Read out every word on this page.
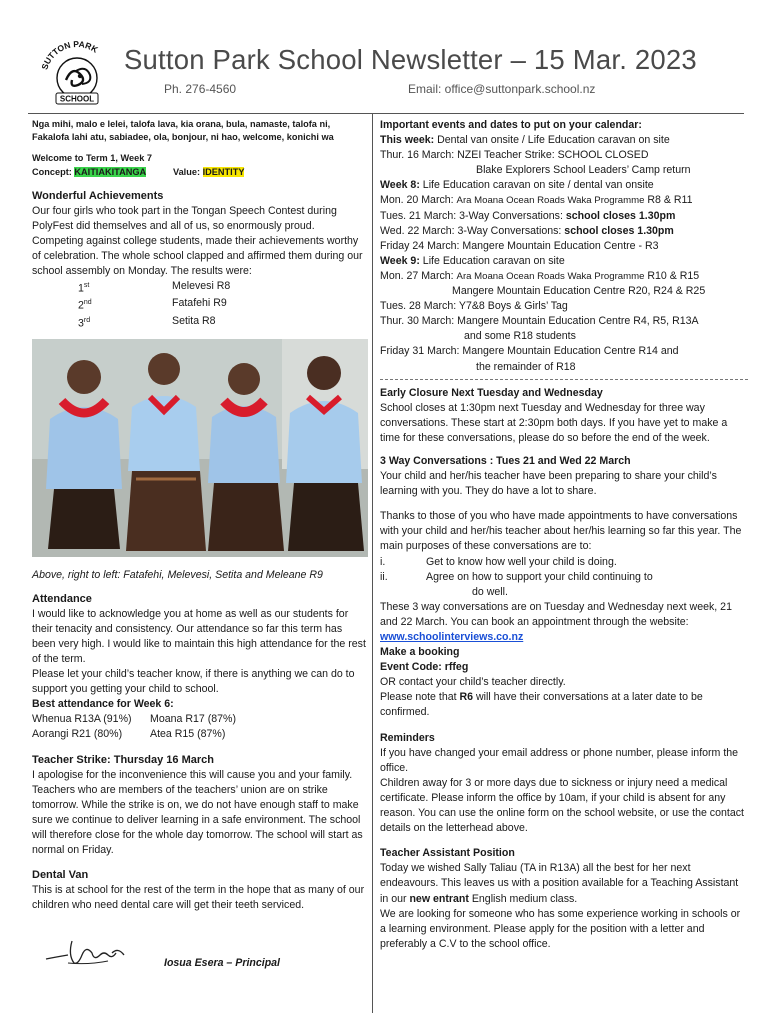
SUTTON PARK
SCHOOL
Sutton Park School Newsletter – 15 Mar. 2023
Ph. 276-4560	Email: office@suttonpark.school.nz
Nga mihi, malo e lelei, talofa lava, kia orana, bula, namaste, talofa ni, Fakalofa lahi atu, sabiadee, ola, bonjour, ni hao, welcome, konichi wa
Welcome to Term 1, Week 7
Concept: KAITIAKITANGA	Value: IDENTITY
Wonderful Achievements
Our four girls who took part in the Tongan Speech Contest during PolyFest did themselves and all of us, so enormously proud. Competing against college students, made their achievements worthy of celebration. The whole school clapped and affirmed them during our school assembly on Monday. The results were:
1st	Melevesi R8
2nd	Fatafehi R9
3rd	Setita R8
Above, right to left: Fatafehi, Melevesi, Setita and Meleane R9
Attendance
I would like to acknowledge you at home as well as our students for their tenacity and consistency. Our attendance so far this term has been very high. I would like to maintain this high attendance for the rest of the term.
Please let your child’s teacher know, if there is anything we can do to support you getting your child to school.
Best attendance for Week 6:
Whenua R13A (91%)	Moana R17 (87%)
Aorangi R21 (80%)	Atea R15 (87%)
Teacher Strike: Thursday 16 March
I apologise for the inconvenience this will cause you and your family. Teachers who are members of the teachers’ union are on strike tomorrow. While the strike is on, we do not have enough staff to make sure we continue to deliver learning in a safe environment. The school will therefore close for the whole day tomorrow. The school will start as normal on Friday.
Dental Van
This is at school for the rest of the term in the hope that as many of our children who need dental care will get their teeth serviced.
Iosua Esera – Principal
Important events and dates to put on your calendar:
This week: Dental van onsite / Life Education caravan on site
Thur. 16 March: NZEI Teacher Strike: SCHOOL CLOSED
Blake Explorers School Leaders’ Camp return
Week 8: Life Education caravan on site / dental van onsite
Mon. 20 March: Ara Moana Ocean Roads Waka Programme R8 & R11
Tues. 21 March: 3-Way Conversations: school closes 1.30pm
Wed. 22 March: 3-Way Conversations: school closes 1.30pm
Friday 24 March: Mangere Mountain Education Centre - R3
Week 9: Life Education caravan on site
Mon. 27 March: Ara Moana Ocean Roads Waka Programme R10 & R15
Mangere Mountain Education Centre R20, R24 & R25
Tues. 28 March: Y7&8 Boys & Girls’ Tag
Thur. 30 March: Mangere Mountain Education Centre R4, R5, R13A
and some R18 students
Friday 31 March: Mangere Mountain Education Centre R14 and
the remainder of R18
Early Closure Next Tuesday and Wednesday
School closes at 1:30pm next Tuesday and Wednesday for three way conversations. These start at 2:30pm both days. If you have yet to make a time for these conversations, please do so before the end of the week.
3 Way Conversations : Tues 21 and Wed 22 March
Your child and her/his teacher have been preparing to share your child’s learning with you. They do have a lot to share.
Thanks to those of you who have made appointments to have conversations with your child and her/his teacher about her/his learning so far this year. The main purposes of these conversations are to:
i.	Get to know how well your child is doing.
ii.	Agree on how to support your child continuing to
do well.
These 3 way conversations are on Tuesday and Wednesday next week, 21 and 22 March. You can book an appointment through the website:
www.schoolinterviews.co.nz
Make a booking
Event Code: rffeg
OR contact your child’s teacher directly.
Please note that R6 will have their conversations at a later date to be confirmed.
Reminders
If you have changed your email address or phone number, please inform the office.
Children away for 3 or more days due to sickness or injury need a medical certificate. Please inform the office by 10am, if your child is absent for any reason. You can use the online form on the school website, or use the contact details on the letterhead above.
Teacher Assistant Position
Today we wished Sally Taliau (TA in R13A) all the best for her next endeavours. This leaves us with a position available for a Teaching Assistant in our new entrant English medium class.
We are looking for someone who has some experience working in schools or a learning environment. Please apply for the position with a letter and preferably a C.V to the school office.
